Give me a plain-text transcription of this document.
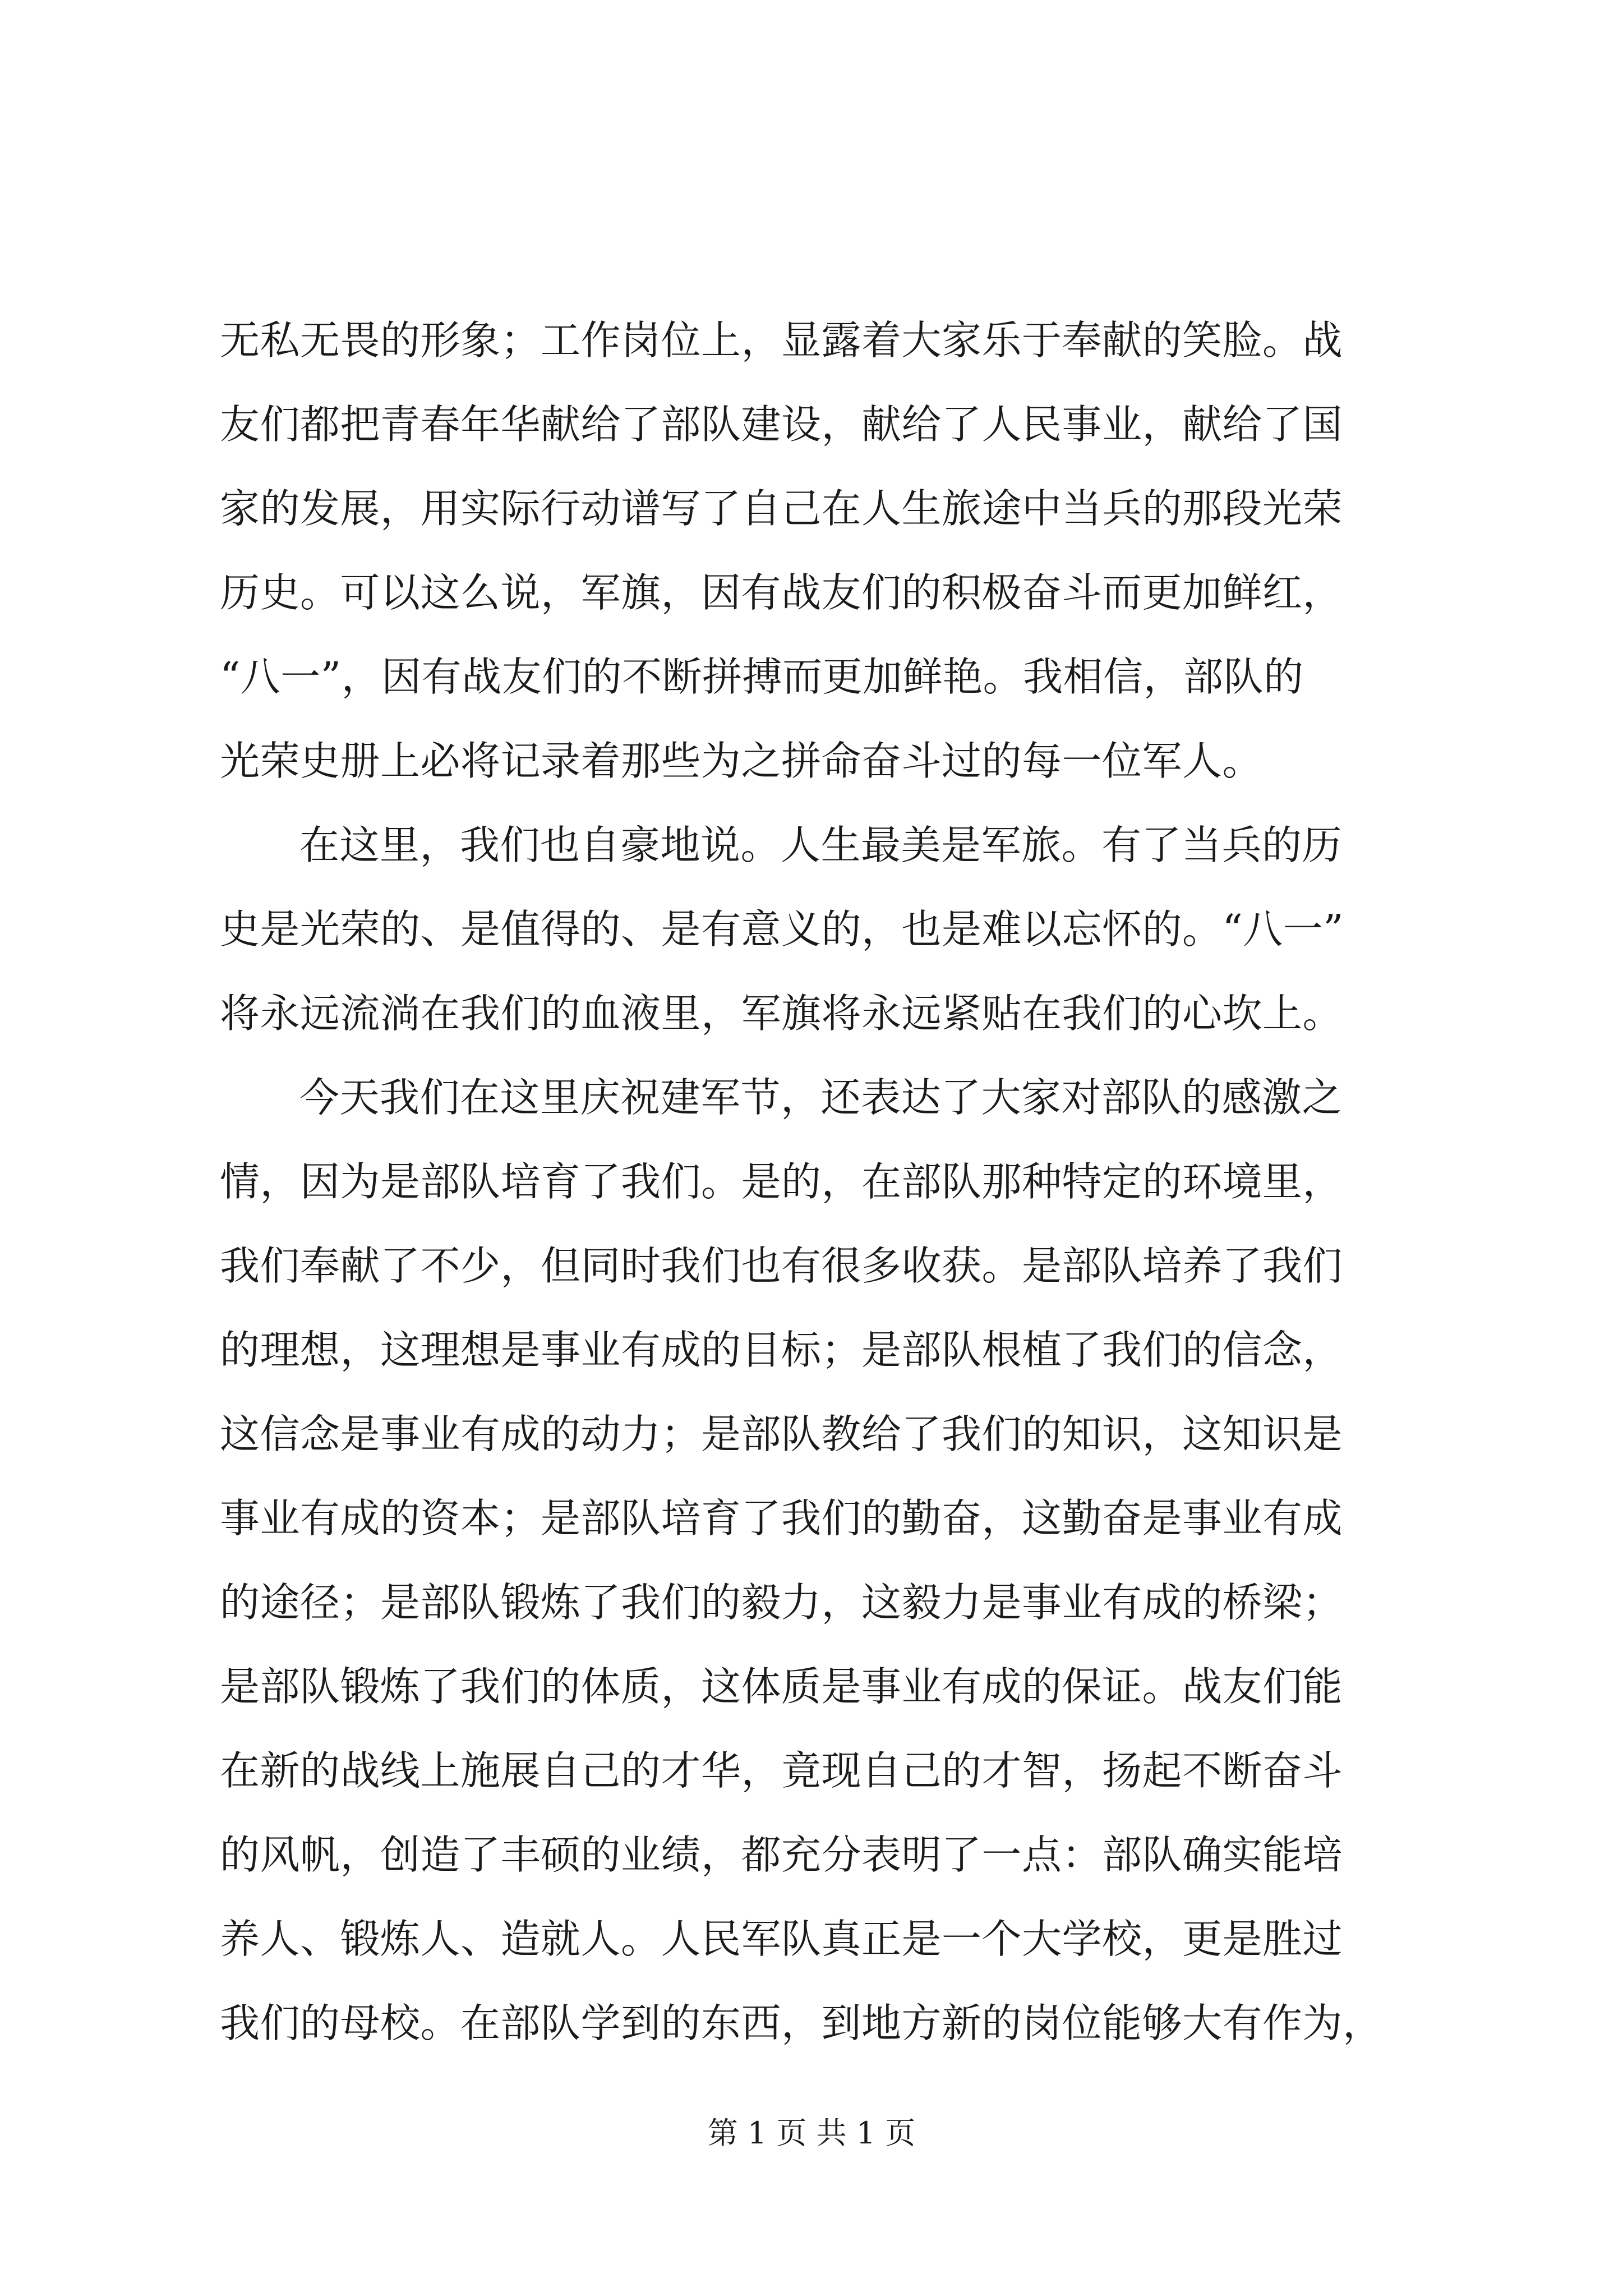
无私无畏的形象；工作岗位上，显露着大家乐于奉献的笑脸。战
友们都把青春年华献给了部队建设，献给了人民事业，献给了国
家的发展，用实际行动谱写了自己在人生旅途中当兵的那段光荣
历史。可以这么说，军旗，因有战友们的积极奋斗而更加鲜红，
“八一”，因有战友们的不断拼搏而更加鲜艳。我相信，部队的
光荣史册上必将记录着那些为之拼命奋斗过的每一位军人。
在这里，我们也自豪地说。人生最美是军旅。有了当兵的历
史是光荣的、是值得的、是有意义的，也是难以忘怀的。“八一”
将永远流淌在我们的血液里，军旗将永远紧贴在我们的心坎上。
今天我们在这里庆祝建军节，还表达了大家对部队的感激之
情，因为是部队培育了我们。是的，在部队那种特定的环境里，
我们奉献了不少，但同时我们也有很多收获。是部队培养了我们
的理想，这理想是事业有成的目标；是部队根植了我们的信念，
这信念是事业有成的动力；是部队教给了我们的知识，这知识是
事业有成的资本；是部队培育了我们的勤奋，这勤奋是事业有成
的途径；是部队锻炼了我们的毅力，这毅力是事业有成的桥梁；
是部队锻炼了我们的体质，这体质是事业有成的保证。战友们能
在新的战线上施展自己的才华，竟现自己的才智，扬起不断奋斗
的风帆，创造了丰硕的业绩，都充分表明了一点：部队确实能培
养人、锻炼人、造就人。人民军队真正是一个大学校，更是胜过
我们的母校。在部队学到的东西，到地方新的岗位能够大有作为，
第 1 页 共 1 页
